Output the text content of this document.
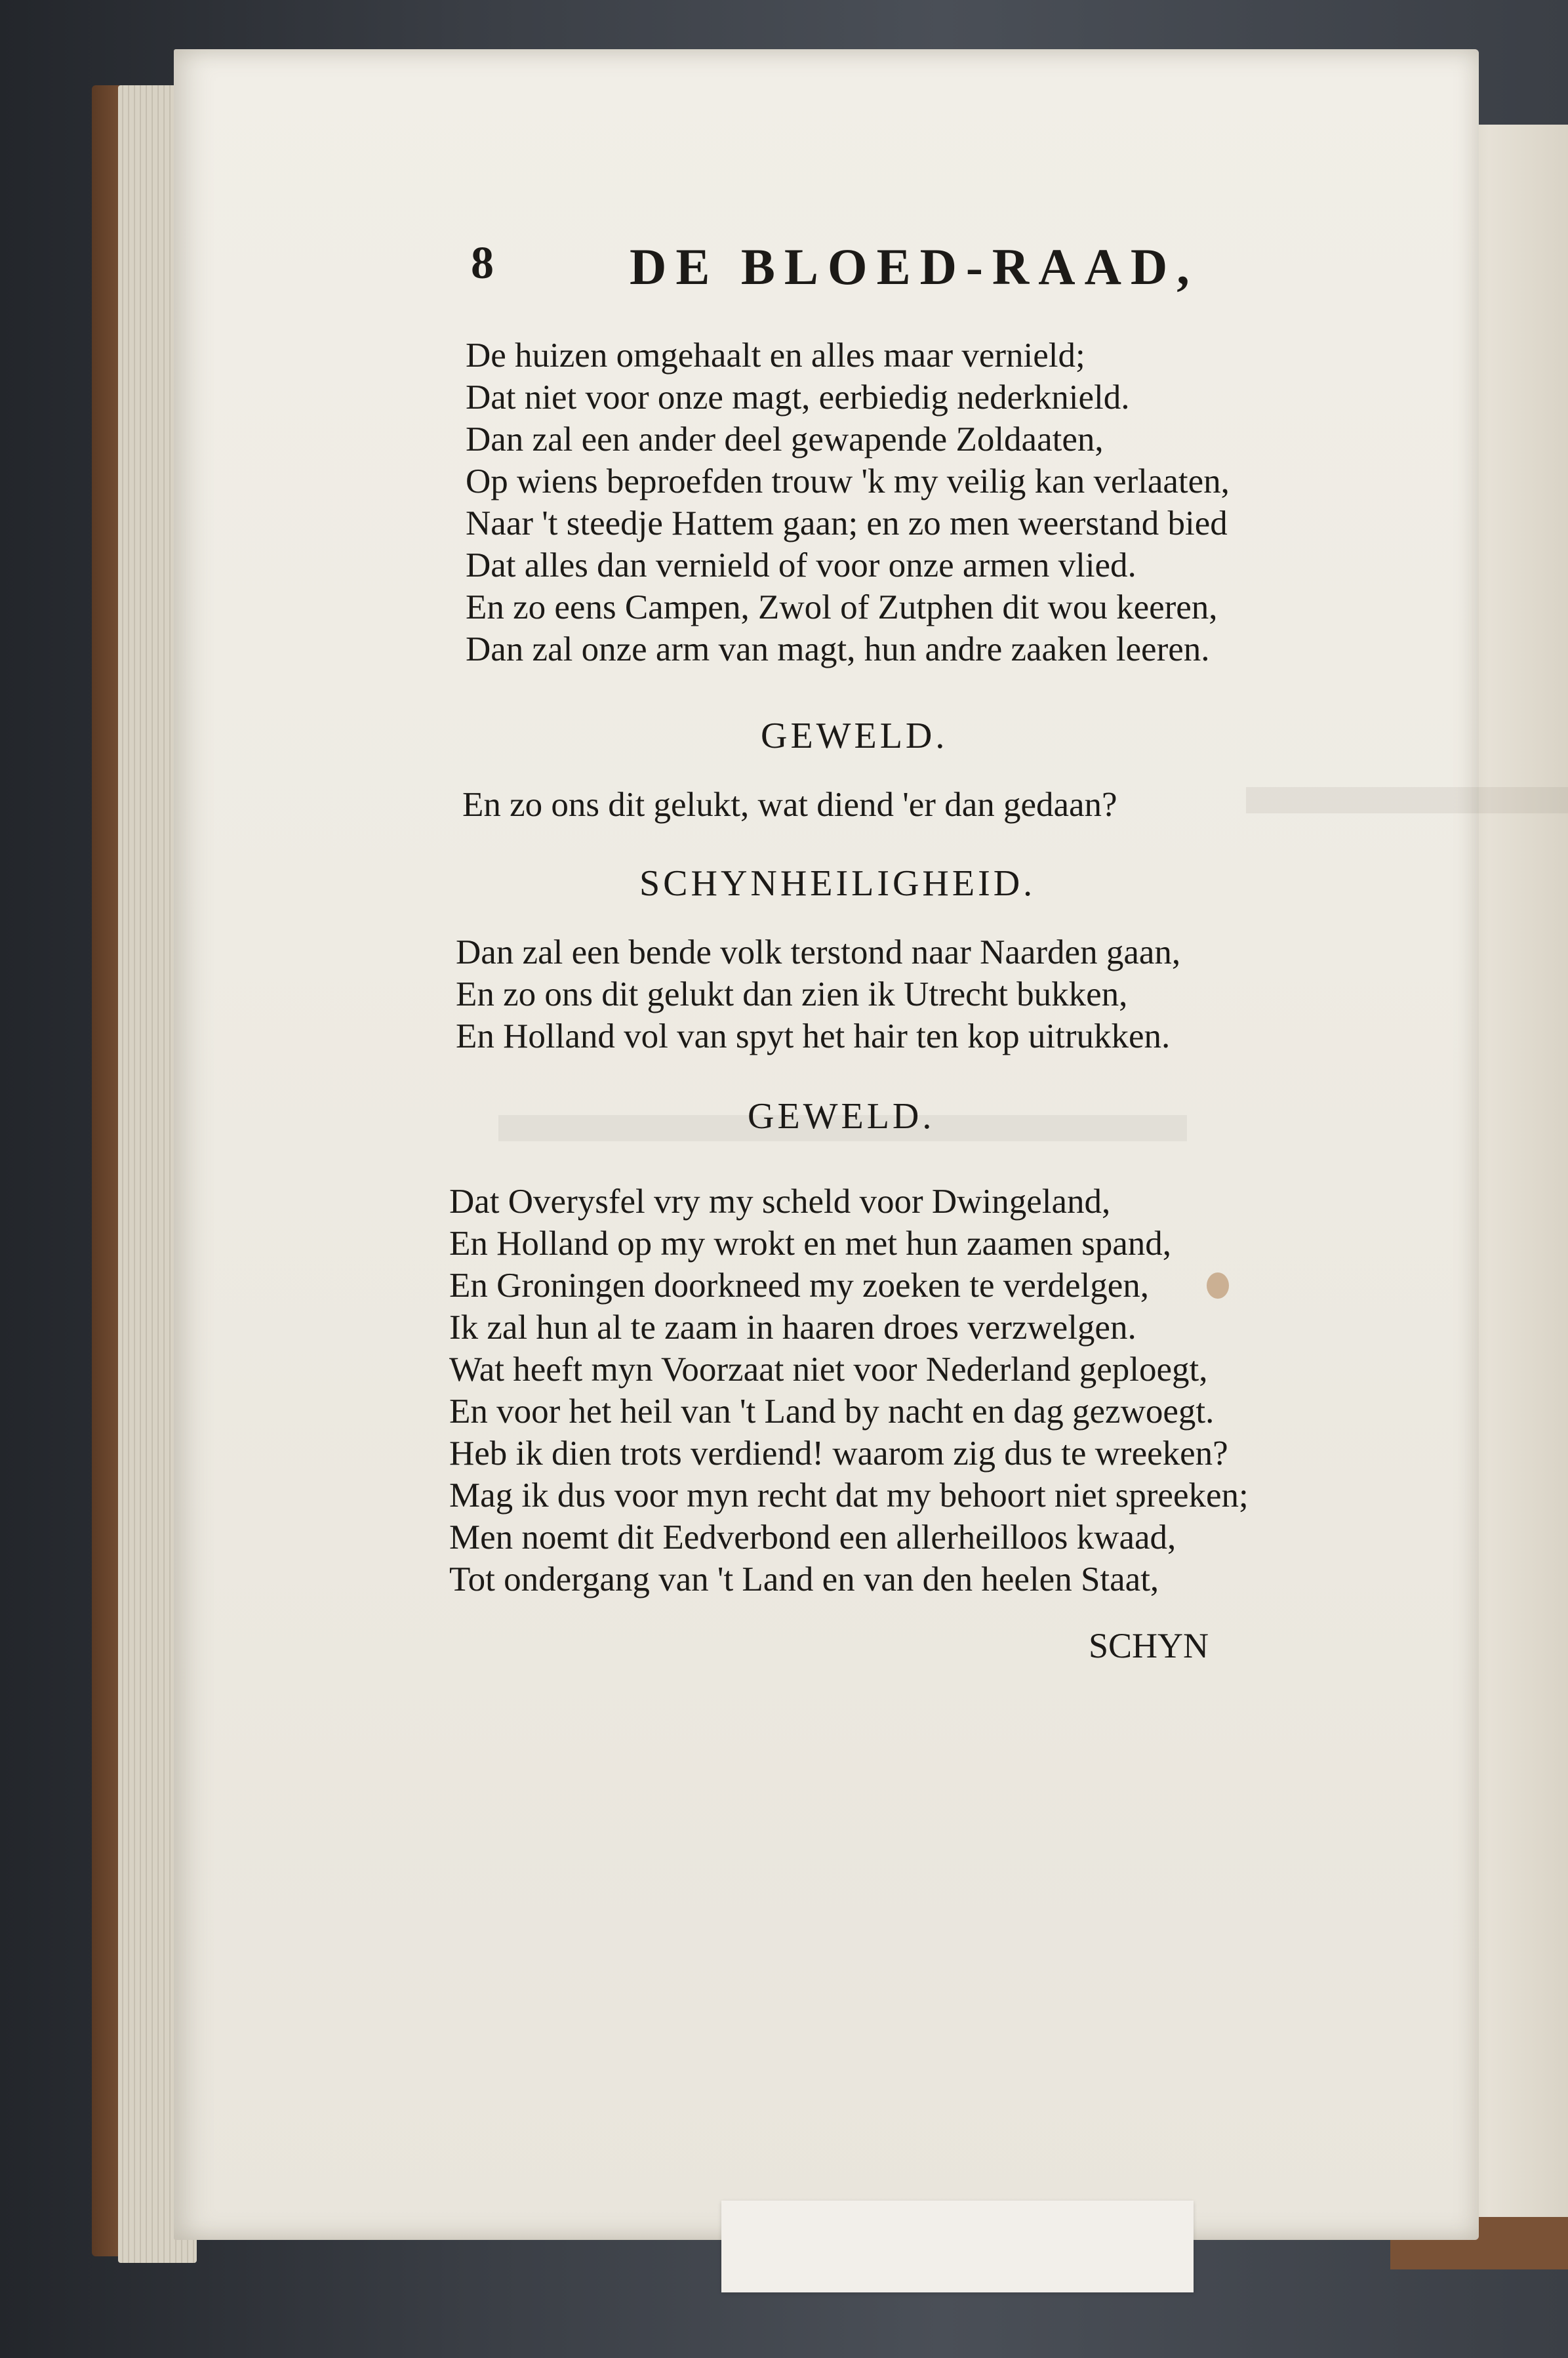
8	DE BLOED-RAAD,
De huizen omgehaalt en alles maar vernield;
Dat niet voor onze magt, eerbiedig nederknield.
Dan zal een ander deel gewapende Zoldaaten,
Op wiens beproefden trouw 'k my veilig kan verlaaten,
Naar 't steedje Hattem gaan; en zo men weerstand bied
Dat alles dan vernield of voor onze armen vlied.
En zo eens Campen, Zwol of Zutphen dit wou keeren,
Dan zal onze arm van magt, hun andre zaaken leeren.
GEWELD.
En zo ons dit gelukt, wat diend 'er dan gedaan?
SCHYNHEILIGHEID.
Dan zal een bende volk terstond naar Naarden gaan,
En zo ons dit gelukt dan zien ik Utrecht bukken,
En Holland vol van spyt het hair ten kop uitrukken.
GEWELD.
Dat Overysfel vry my scheld voor Dwingeland,
En Holland op my wrokt en met hun zaamen spand,
En Groningen doorkneed my zoeken te verdelgen,
Ik zal hun al te zaam in haaren droes verzwelgen.
Wat heeft myn Voorzaat niet voor Nederland geploegt,
En voor het heil van 't Land by nacht en dag gezwoegt.
Heb ik dien trots verdiend! waarom zig dus te wreeken?
Mag ik dus voor myn recht dat my behoort niet spreeken;
Men noemt dit Eedverbond een allerheilloos kwaad,
Tot ondergang van 't Land en van den heelen Staat,
SCHYN
